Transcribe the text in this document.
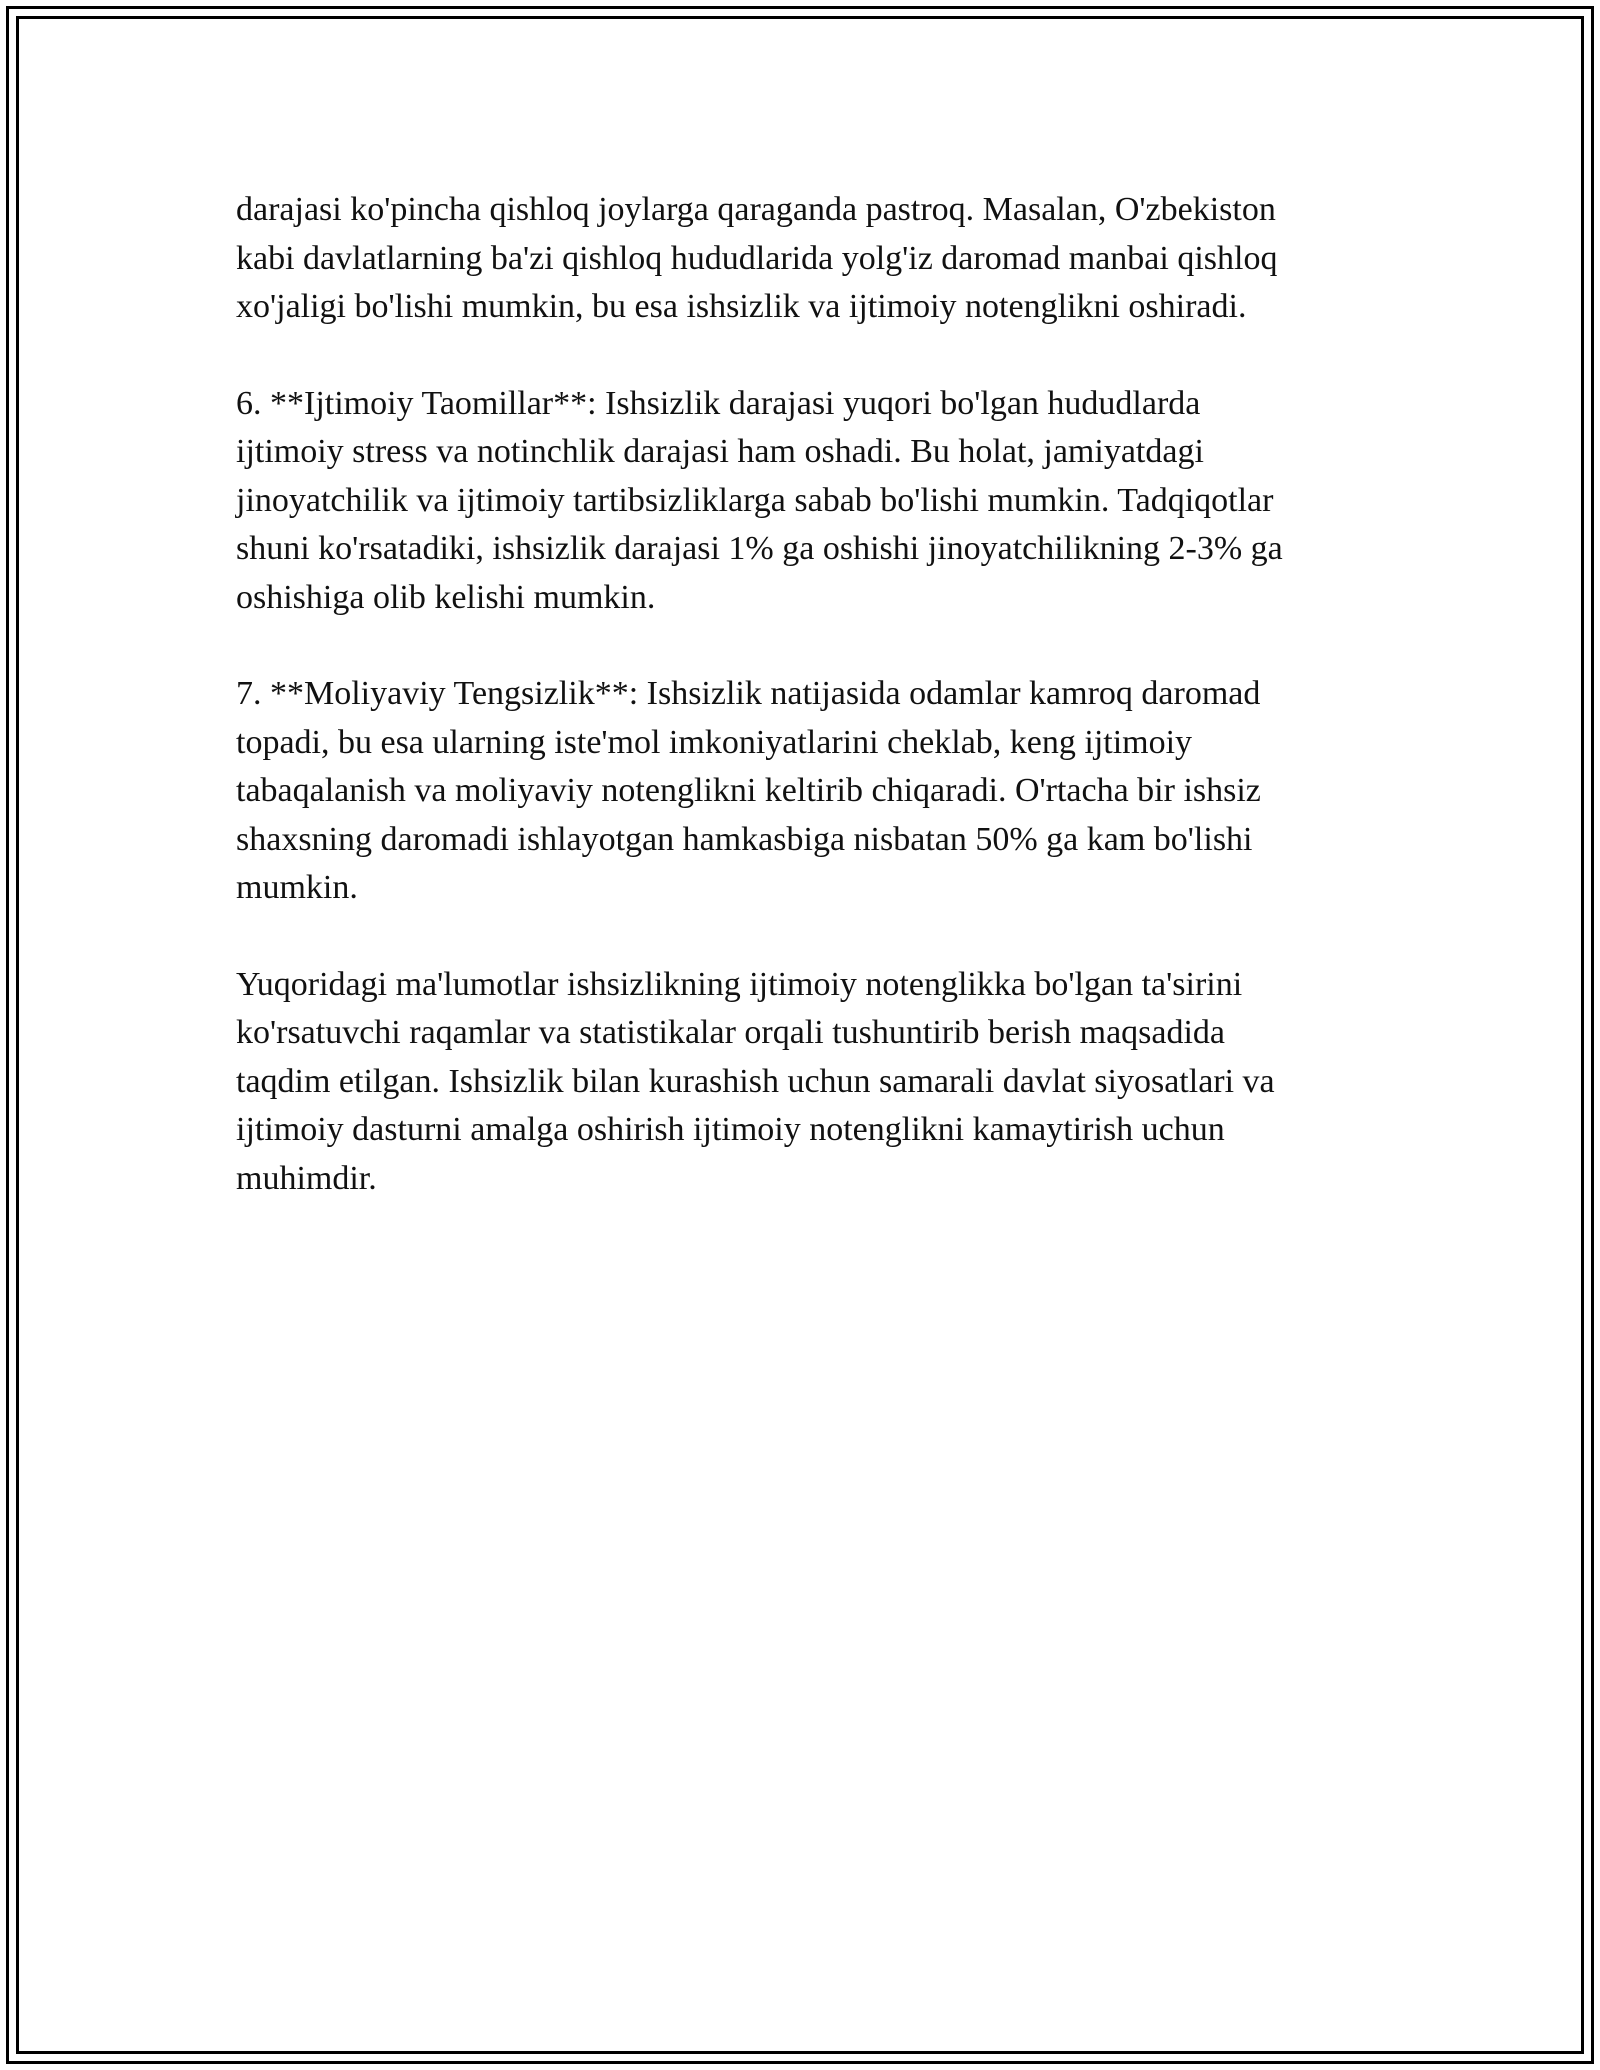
darajasi ko'pincha qishloq joylarga qaraganda pastroq. Masalan, O'zbekiston
kabi davlatlarning ba'zi qishloq hududlarida yolg'iz daromad manbai qishloq
xo'jaligi bo'lishi mumkin, bu esa ishsizlik va ijtimoiy notenglikni oshiradi.

6. **Ijtimoiy Taomillar**: Ishsizlik darajasi yuqori bo'lgan hududlarda
ijtimoiy stress va notinchlik darajasi ham oshadi. Bu holat, jamiyatdagi
jinoyatchilik va ijtimoiy tartibsizliklarga sabab bo'lishi mumkin. Tadqiqotlar
shuni ko'rsatadiki, ishsizlik darajasi 1% ga oshishi jinoyatchilikning 2-3% ga
oshishiga olib kelishi mumkin.

7. **Moliyaviy Tengsizlik**: Ishsizlik natijasida odamlar kamroq daromad
topadi, bu esa ularning iste'mol imkoniyatlarini cheklab, keng ijtimoiy
tabaqalanish va moliyaviy notenglikni keltirib chiqaradi. O'rtacha bir ishsiz
shaxsning daromadi ishlayotgan hamkasbiga nisbatan 50% ga kam bo'lishi
mumkin.

Yuqoridagi ma'lumotlar ishsizlikning ijtimoiy notenglikka bo'lgan ta'sirini
ko'rsatuvchi raqamlar va statistikalar orqali tushuntirib berish maqsadida
taqdim etilgan. Ishsizlik bilan kurashish uchun samarali davlat siyosatlari va
ijtimoiy dasturni amalga oshirish ijtimoiy notenglikni kamaytirish uchun
muhimdir.
